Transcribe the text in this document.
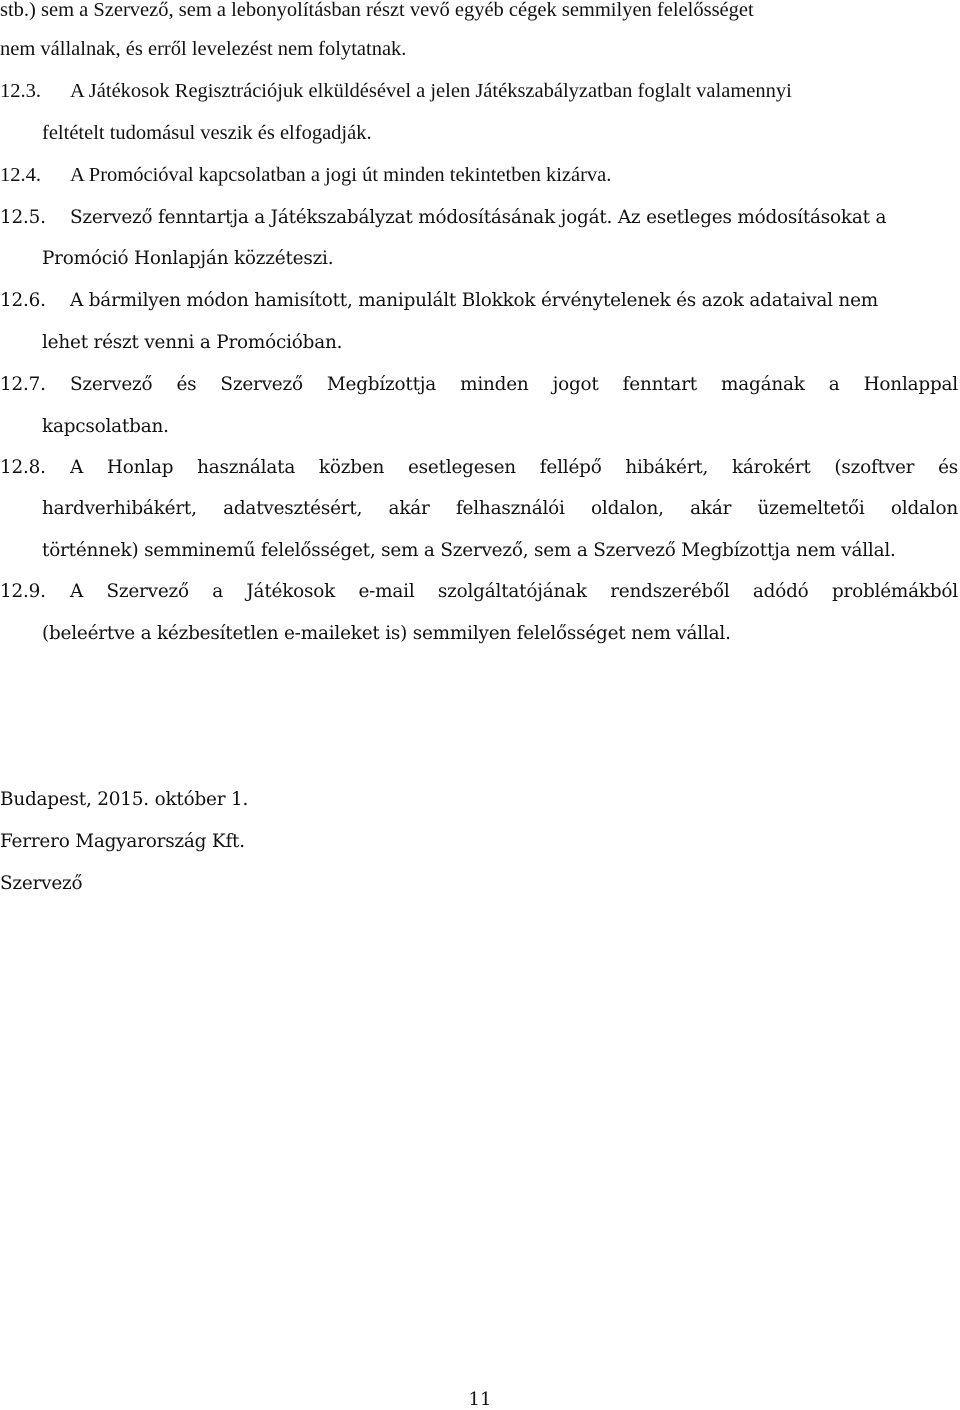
stb.) sem a Szervező, sem a lebonyolításban részt vevő egyéb cégek semmilyen felelősséget
nem vállalnak, és erről levelezést nem folytatnak.
12.3. A Játékosok Regisztrációjuk elküldésével a jelen Játékszabályzatban foglalt valamennyi
feltételt tudomásul veszik és elfogadják.
12.4. A Promócióval kapcsolatban a jogi út minden tekintetben kizárva.
12.5. Szervező fenntartja a Játékszabályzat módosításának jogát. Az esetleges módosításokat a
Promóció Honlapján közzéteszi.
12.6. A bármilyen módon hamisított, manipulált Blokkok érvénytelenek és azok adataival nem
lehet részt venni a Promócióban.
12.7. Szervező és Szervező Megbízottja minden jogot fenntart magának a Honlappal
kapcsolatban.
12.8. A Honlap használata közben esetlegesen fellépő hibákért, károkért (szoftver és
hardverhibákért, adatvesztésért, akár felhasználói oldalon, akár üzemeltetői oldalon
történnek) semminemű felelősséget, sem a Szervező, sem a Szervező Megbízottja nem vállal.
12.9. A Szervező a Játékosok e-mail szolgáltatójának rendszeréből adódó problémákból
(beleértve a kézbesítetlen e-maileket is) semmilyen felelősséget nem vállal.
Budapest, 2015. október 1.
Ferrero Magyarország Kft.
Szervező
11
